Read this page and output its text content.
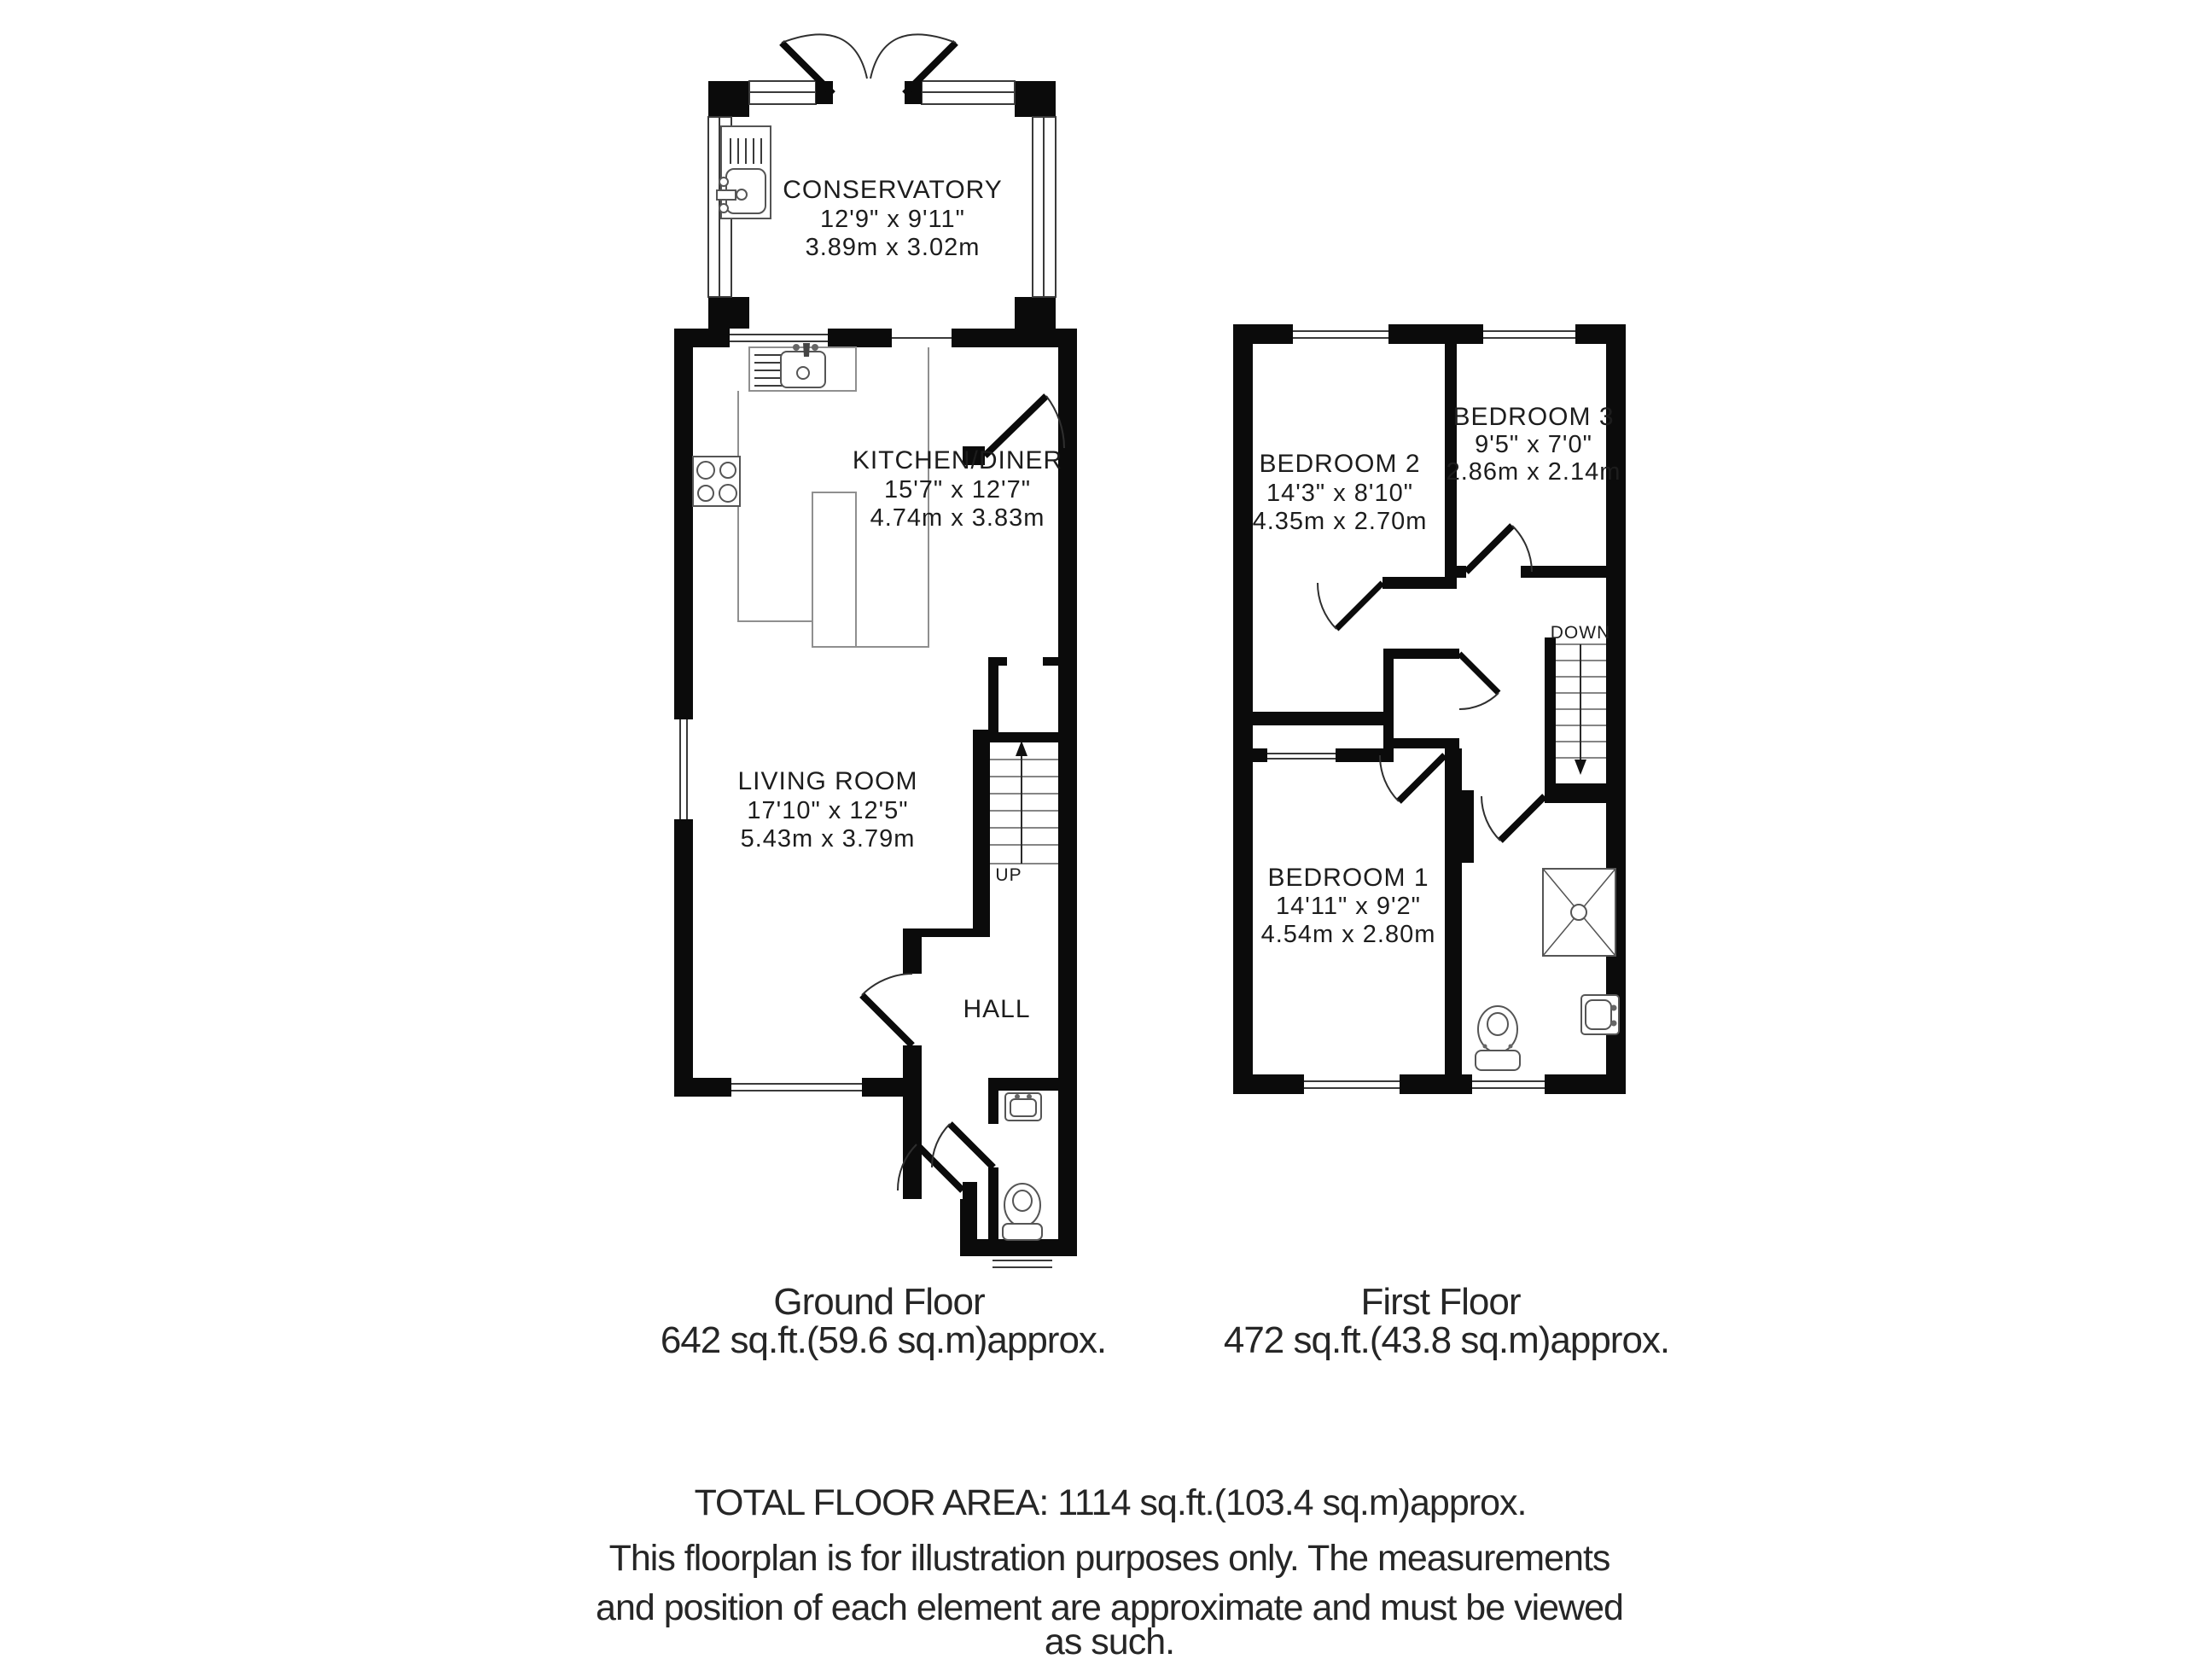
CONSERVATORY
12'9" x 9'11"
3.89m x 3.02m
UP
KITCHEN/DINER
15'7" x 12'7"
4.74m x 3.83m
LIVING ROOM
17'10" x 12'5"
5.43m x 3.79m
HALL
DOWN
BEDROOM 2
14'3" x 8'10"
4.35m x 2.70m
BEDROOM 3
9'5" x 7'0"
2.86m x 2.14m
BEDROOM 1
14'11" x 9'2"
4.54m x 2.80m
Ground Floor
642 sq.ft.(59.6 sq.m)approx.
First Floor
472 sq.ft.(43.8 sq.m)approx.
TOTAL FLOOR AREA: 1114 sq.ft.(103.4 sq.m)approx.
This floorplan is for illustration purposes only. The measurements
and position of each element are approximate and must be viewed
as such.
